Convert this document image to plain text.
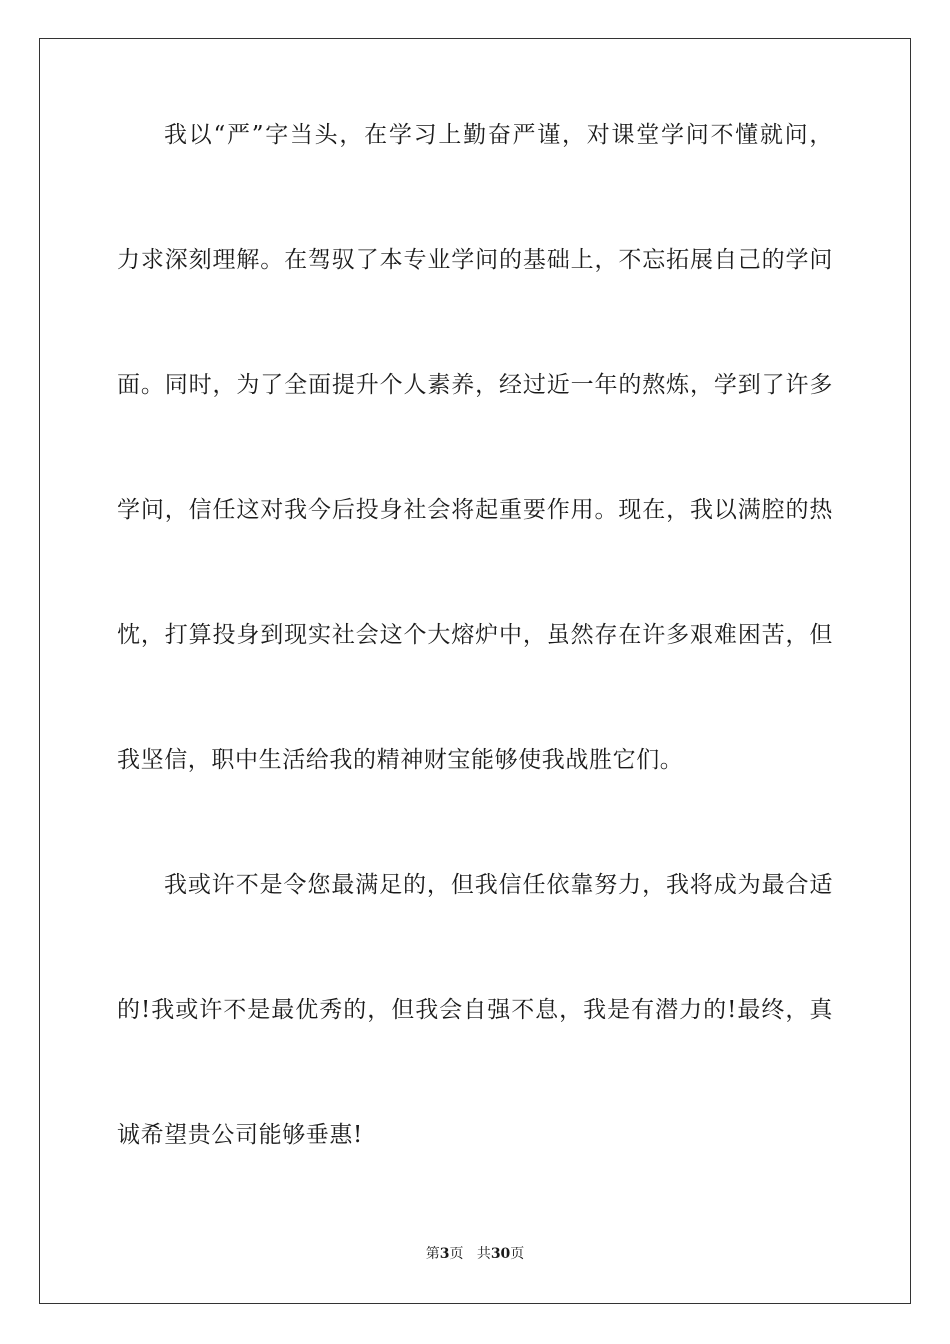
我以“严”字当头，在学习上勤奋严谨，对课堂学问不懂就问，
力求深刻理解。在驾驭了本专业学问的基础上，不忘拓展自己的学问
面。同时，为了全面提升个人素养，经过近一年的熬炼，学到了许多
学问，信任这对我今后投身社会将起重要作用。现在，我以满腔的热
忱，打算投身到现实社会这个大熔炉中，虽然存在许多艰难困苦，但
我坚信，职中生活给我的精神财宝能够使我战胜它们。
我或许不是令您最满足的，但我信任依靠努力，我将成为最合适
的!我或许不是最优秀的，但我会自强不息，我是有潜力的!最终，真
诚希望贵公司能够垂惠!
第3页 共30页
